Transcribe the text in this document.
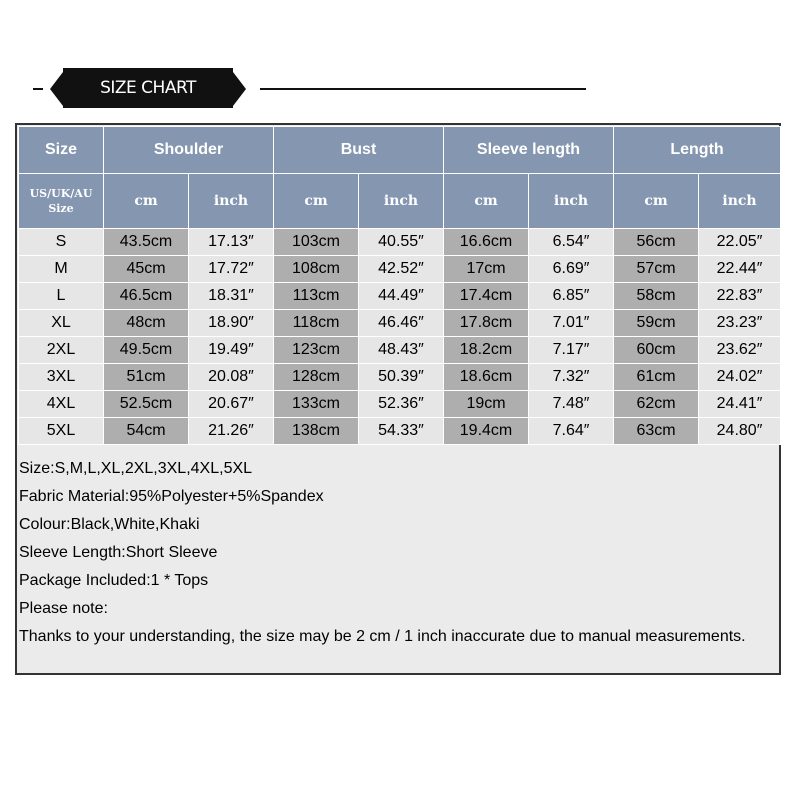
SIZE CHART
Size	Shoulder		Bust		Sleeve length		Length	

US/UK/AU
Size	cm	inch	cm	inch	cm	inch	cm	inch
S	43.5cm	17.13″	103cm	40.55″	16.6cm	6.54″	56cm	22.05″
M	45cm	17.72″	108cm	42.52″	17cm	6.69″	57cm	22.44″
L	46.5cm	18.31″	113cm	44.49″	17.4cm	6.85″	58cm	22.83″
XL	48cm	18.90″	118cm	46.46″	17.8cm	7.01″	59cm	23.23″
2XL	49.5cm	19.49″	123cm	48.43″	18.2cm	7.17″	60cm	23.62″
3XL	51cm	20.08″	128cm	50.39″	18.6cm	7.32″	61cm	24.02″
4XL	52.5cm	20.67″	133cm	52.36″	19cm	7.48″	62cm	24.41″
5XL	54cm	21.26″	138cm	54.33″	19.4cm	7.64″	63cm	24.80″
Size:S,M,L,XL,2XL,3XL,4XL,5XL
Fabric Material:95%Polyester+5%Spandex
Colour:Black,White,Khaki
Sleeve Length:Short Sleeve
Package Included:1 * Tops
Please note:
Thanks to your understanding, the size may be 2 cm / 1 inch inaccurate due to manual measurements.
